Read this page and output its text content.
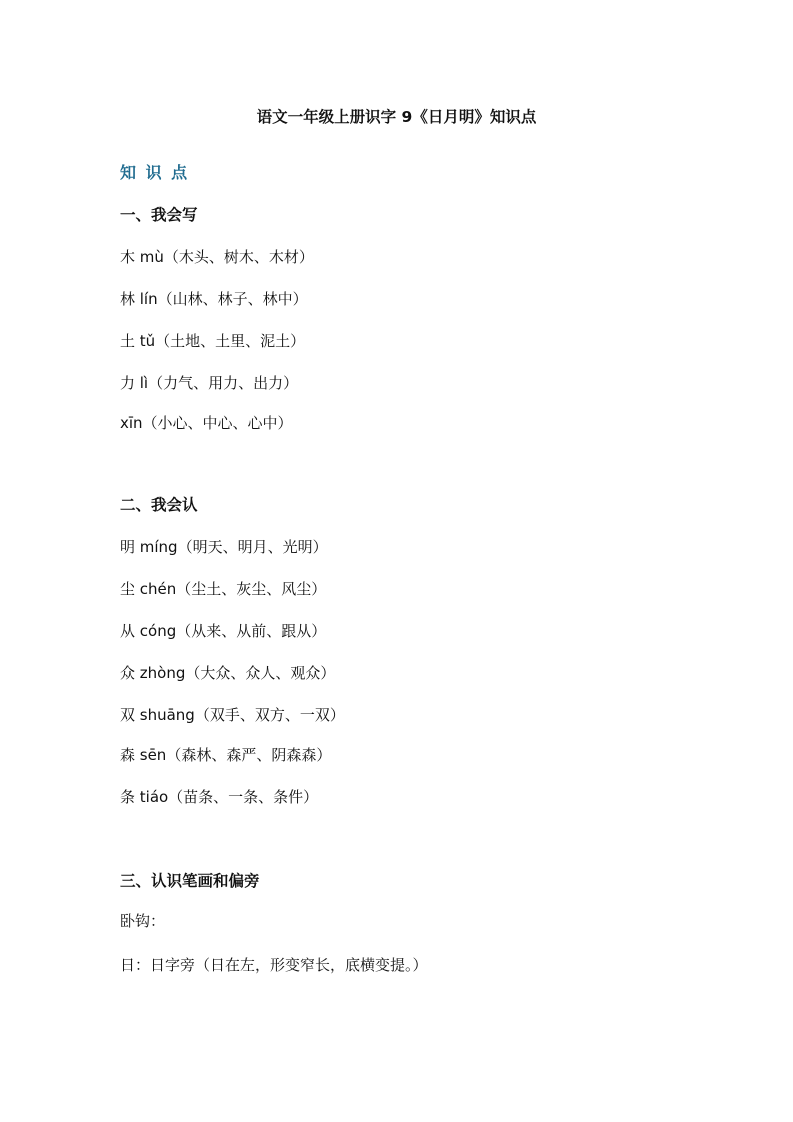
语文一年级上册识字 9《日月明》知识点
知 识 点
一、我会写
木 mù（木头、树木、木材）
林 lín（山林、林子、林中）
土 tǔ（土地、土里、泥土）
力 lì（力气、用力、出力）
xīn（小心、中心、心中）
二、我会认
明 míng（明天、明月、光明）
尘 chén（尘土、灰尘、风尘）
从 cóng（从来、从前、跟从）
众 zhòng（大众、众人、观众）
双 shuāng（双手、双方、一双）
森 sēn（森林、森严、阴森森）
条 tiáo（苗条、一条、条件）
三、认识笔画和偏旁
卧钩：
日：日字旁（日在左，形变窄长，底横变提。）
